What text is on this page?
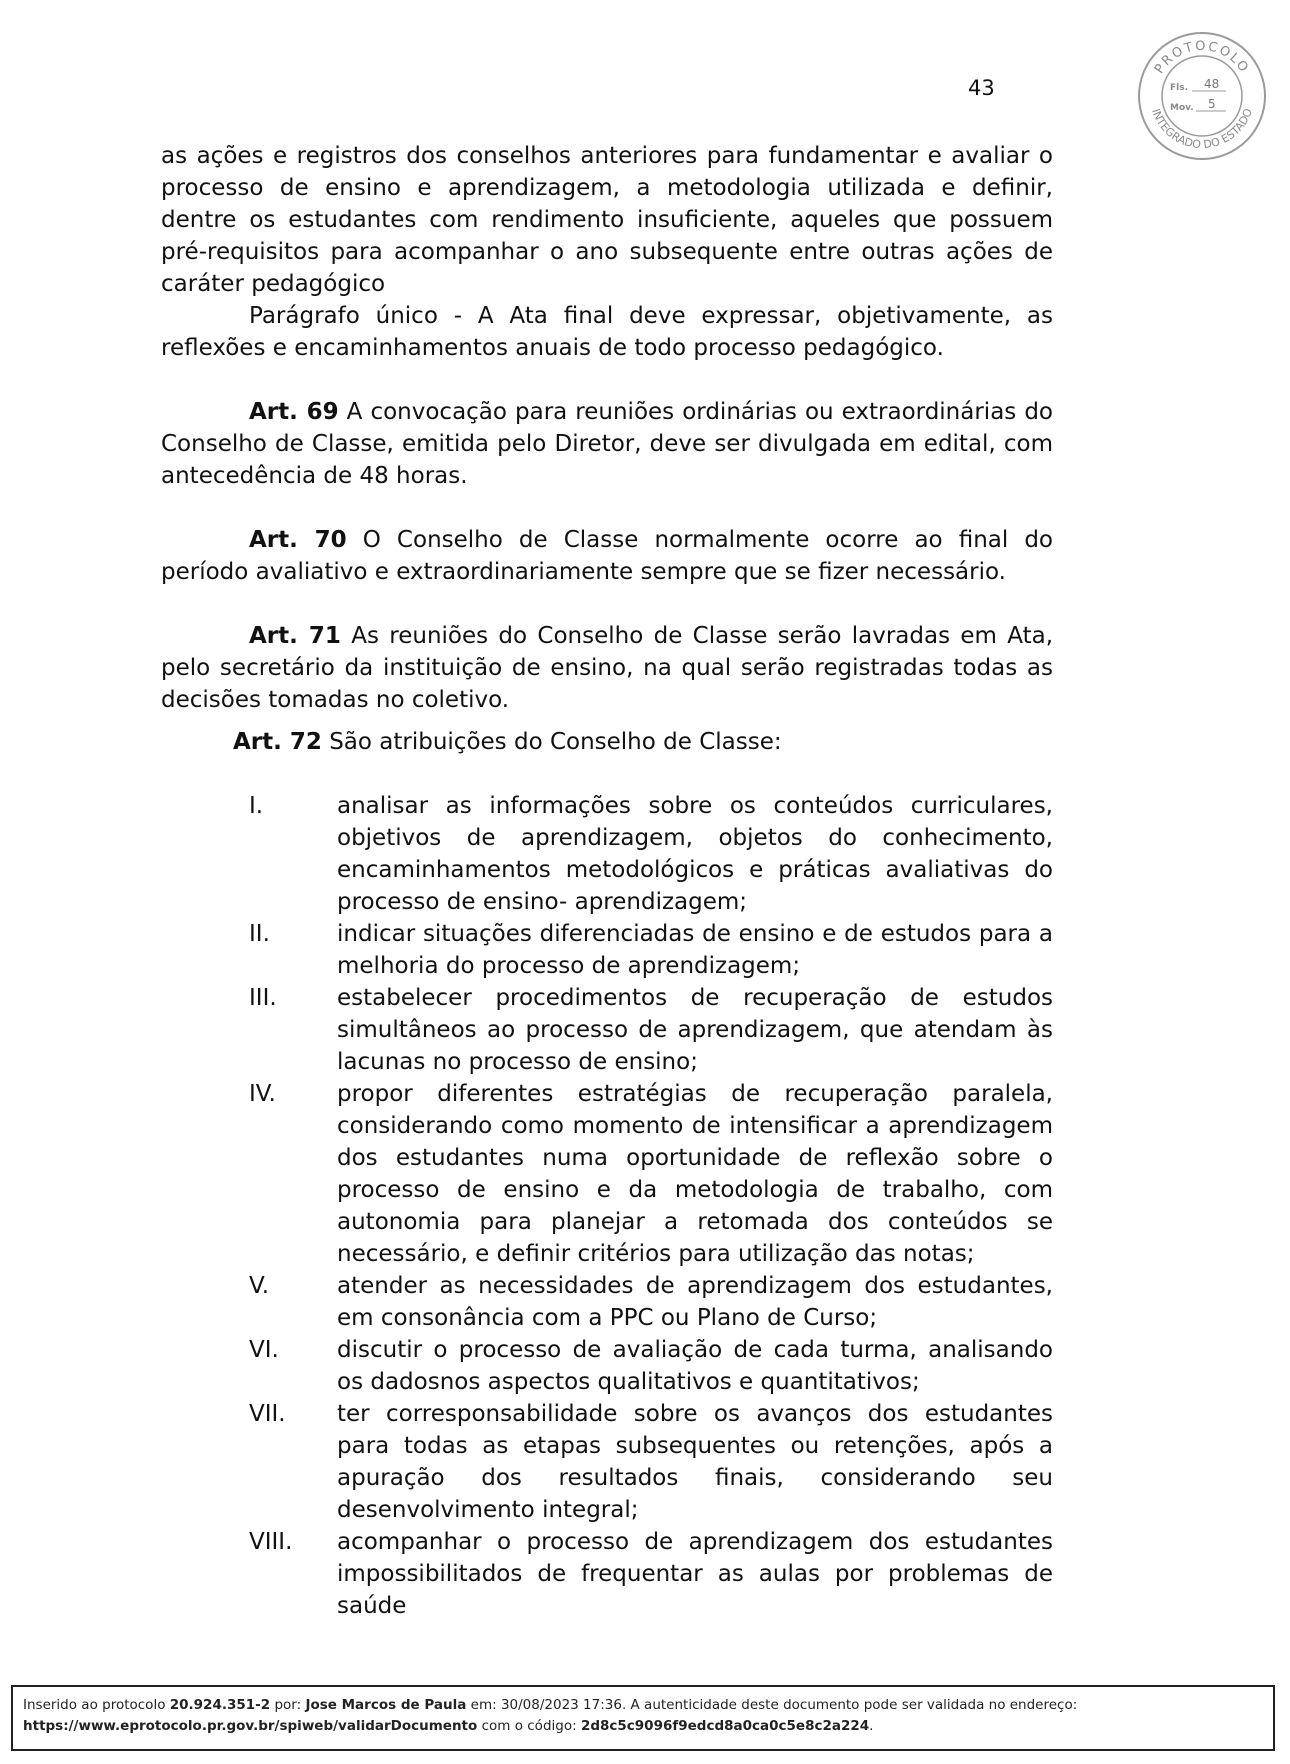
43
PROTOCOLO
INTEGRADO DO ESTADO
Fls. 48
Mov. 5

as ações e registros dos conselhos anteriores para fundamentar e avaliar o processo de ensino e aprendizagem, a metodologia utilizada e definir, dentre os estudantes com rendimento insuficiente, aqueles que possuem pré-requisitos para acompanhar o ano subsequente entre outras ações de caráter pedagógico

Parágrafo único - A Ata final deve expressar, objetivamente, as reflexões e encaminhamentos anuais de todo processo pedagógico.

Art. 69 A convocação para reuniões ordinárias ou extraordinárias do Conselho de Classe, emitida pelo Diretor, deve ser divulgada em edital, com antecedência de 48 horas.

Art. 70 O Conselho de Classe normalmente ocorre ao final do período avaliativo e extraordinariamente sempre que se fizer necessário.

Art. 71 As reuniões do Conselho de Classe serão lavradas em Ata, pelo secretário da instituição de ensino, na qual serão registradas todas as decisões tomadas no coletivo.

Art. 72 São atribuições do Conselho de Classe:

I.	analisar as informações sobre os conteúdos curriculares, objetivos de aprendizagem, objetos do conhecimento, encaminhamentos metodológicos e práticas avaliativas do processo de ensino- aprendizagem;
II.	indicar situações diferenciadas de ensino e de estudos para a melhoria do processo de aprendizagem;
III.	estabelecer procedimentos de recuperação de estudos simultâneos ao processo de aprendizagem, que atendam às lacunas no processo de ensino;
IV.	propor diferentes estratégias de recuperação paralela, considerando como momento de intensificar a aprendizagem dos estudantes numa oportunidade de reflexão sobre o processo de ensino e da metodologia de trabalho, com autonomia para planejar a retomada dos conteúdos se necessário, e definir critérios para utilização das notas;
V.	atender as necessidades de aprendizagem dos estudantes, em consonância com a PPC ou Plano de Curso;
VI.	discutir o processo de avaliação de cada turma, analisando os dadosnos aspectos qualitativos e quantitativos;
VII.	ter corresponsabilidade sobre os avanços dos estudantes para todas as etapas subsequentes ou retenções, após a apuração dos resultados finais, considerando seu desenvolvimento integral;
VIII.	acompanhar o processo de aprendizagem dos estudantes impossibilitados de frequentar as aulas por problemas de saúde
Inserido ao protocolo 20.924.351-2 por: Jose Marcos de Paula em: 30/08/2023 17:36. A autenticidade deste documento pode ser validada no endereço:
https://www.eprotocolo.pr.gov.br/spiweb/validarDocumento com o código: 2d8c5c9096f9edcd8a0ca0c5e8c2a224.
